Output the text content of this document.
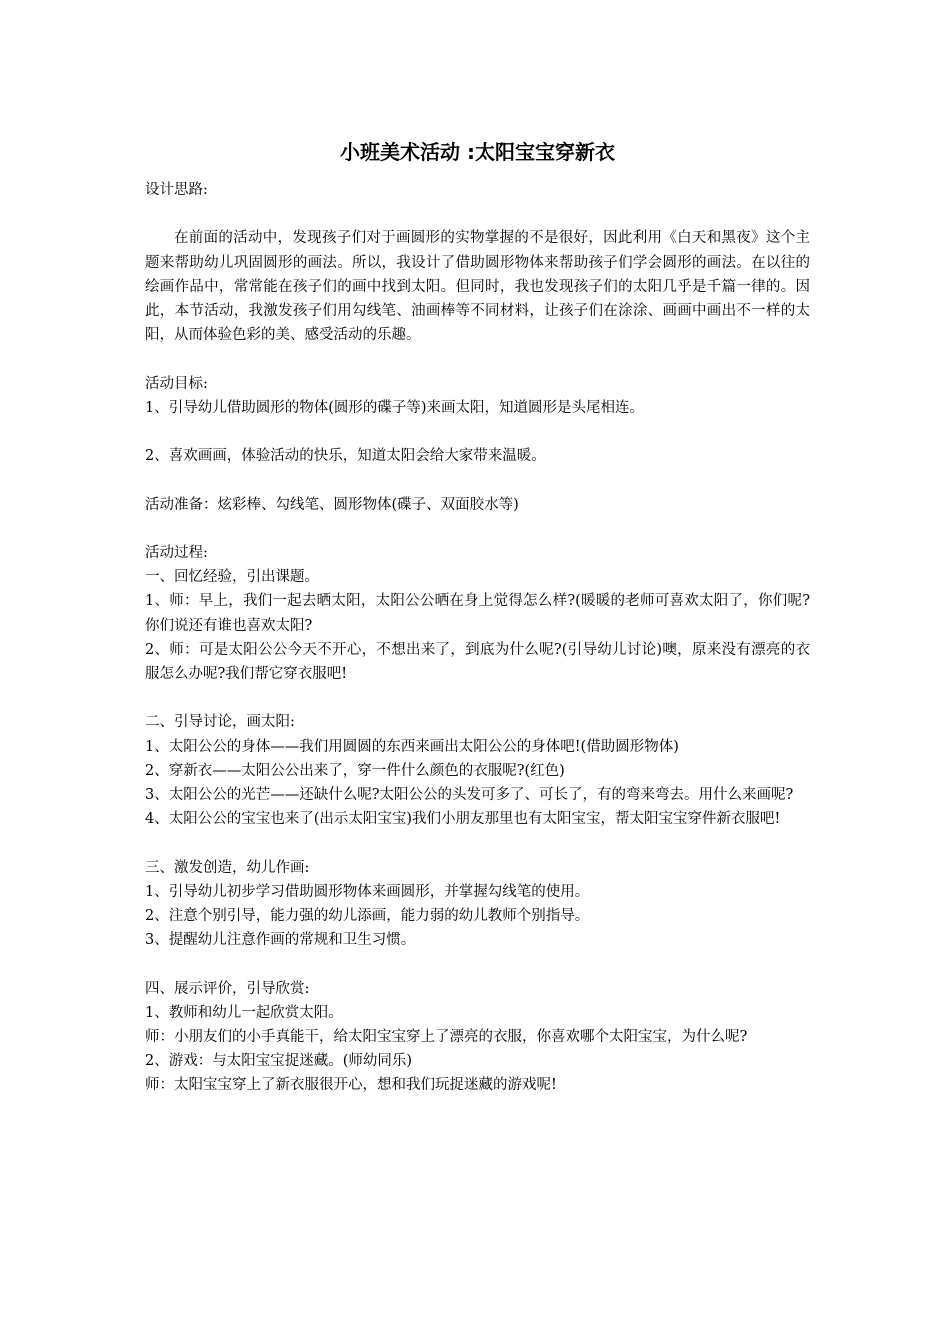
小班美术活动 :太阳宝宝穿新衣

设计思路:

在前面的活动中，发现孩子们对于画圆形的实物掌握的不是很好，因此利用《白天和黑夜》这个主题来帮助幼儿巩固圆形的画法。所以，我设计了借助圆形物体来帮助孩子们学会圆形的画法。在以往的绘画作品中，常常能在孩子们的画中找到太阳。但同时，我也发现孩子们的太阳几乎是千篇一律的。因此，本节活动，我激发孩子们用勾线笔、油画棒等不同材料，让孩子们在涂涂、画画中画出不一样的太阳，从而体验色彩的美、感受活动的乐趣。

活动目标:

1、引导幼儿借助圆形的物体(圆形的碟子等)来画太阳，知道圆形是头尾相连。

2、喜欢画画，体验活动的快乐，知道太阳会给大家带来温暖。

活动准备：炫彩棒、勾线笔、圆形物体(碟子、双面胶水等)

活动过程:

一、回忆经验，引出课题。

1、师：早上，我们一起去晒太阳，太阳公公晒在身上觉得怎么样?(暖暖的老师可喜欢太阳了，你们呢?你们说还有谁也喜欢太阳?

2、师：可是太阳公公今天不开心，不想出来了，到底为什么呢?(引导幼儿讨论)噢，原来没有漂亮的衣服怎么办呢?我们帮它穿衣服吧!

二、引导讨论，画太阳:

1、太阳公公的身体——我们用圆圆的东西来画出太阳公公的身体吧!(借助圆形物体)

2、穿新衣——太阳公公出来了，穿一件什么颜色的衣服呢?(红色)

3、太阳公公的光芒——还缺什么呢?太阳公公的头发可多了、可长了，有的弯来弯去。用什么来画呢?

4、太阳公公的宝宝也来了(出示太阳宝宝)我们小朋友那里也有太阳宝宝，帮太阳宝宝穿件新衣服吧!

三、激发创造，幼儿作画:

1、引导幼儿初步学习借助圆形物体来画圆形，并掌握勾线笔的使用。

2、注意个别引导，能力强的幼儿添画，能力弱的幼儿教师个别指导。

3、提醒幼儿注意作画的常规和卫生习惯。

四、展示评价，引导欣赏:

1、教师和幼儿一起欣赏太阳。

师：小朋友们的小手真能干，给太阳宝宝穿上了漂亮的衣服，你喜欢哪个太阳宝宝，为什么呢?

2、游戏：与太阳宝宝捉迷藏。(师幼同乐)

师：太阳宝宝穿上了新衣服很开心，想和我们玩捉迷藏的游戏呢!
